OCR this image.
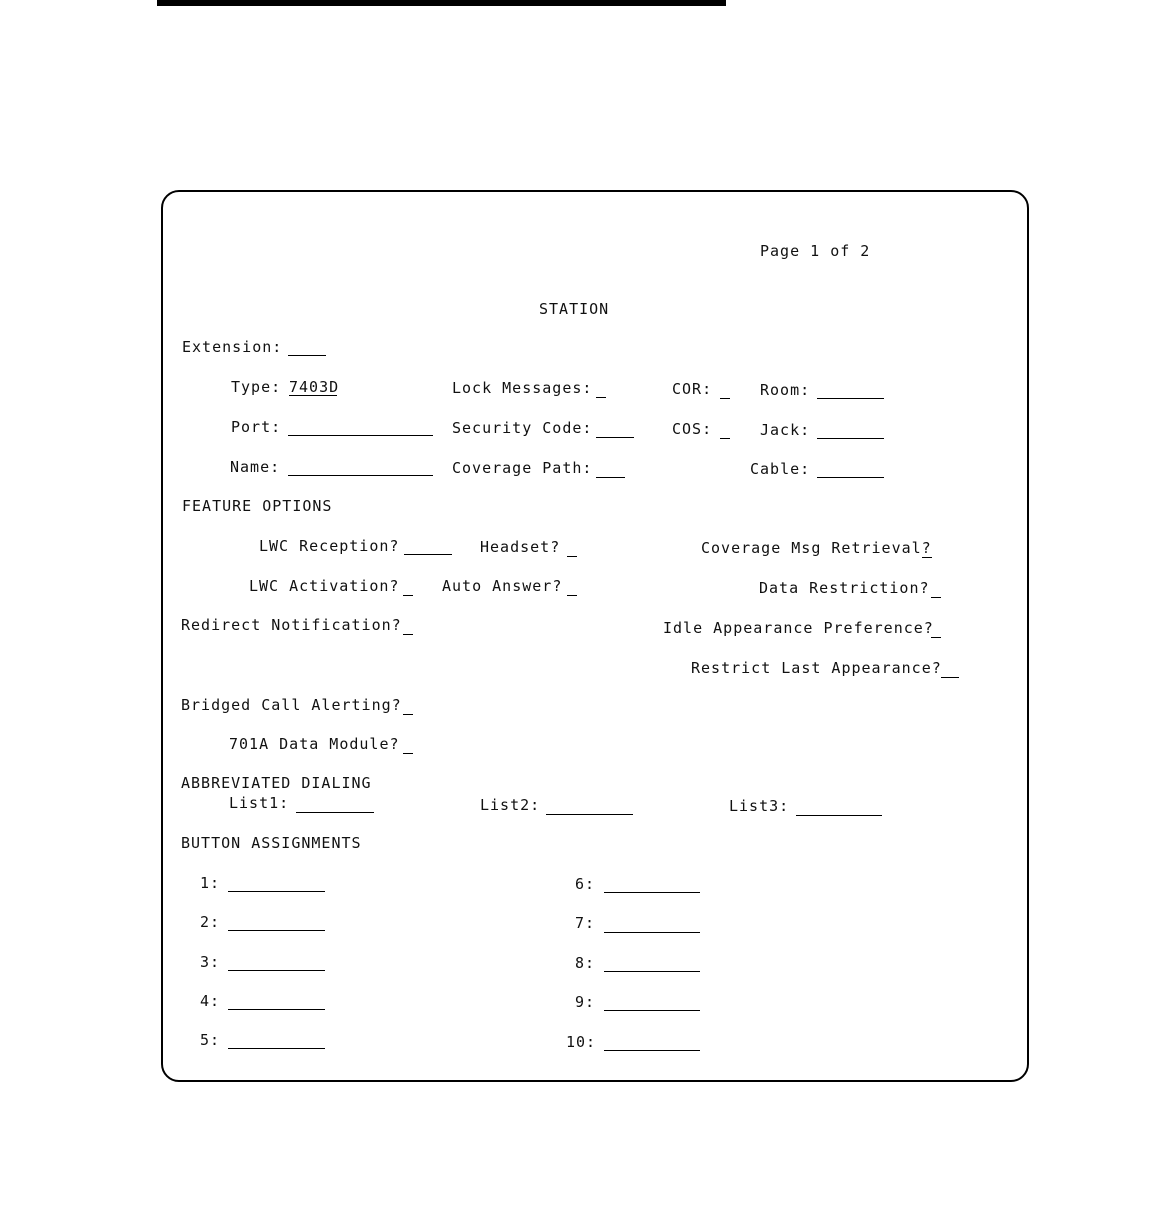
Page 1 of 2
STATION
Extension:
Type: 7403D	Lock Messages:	COR:	Room:
Port:	Security Code:	COS:	Jack:
Name:	Coverage Path:	Cable:
FEATURE OPTIONS
LWC Reception?	Headset?	Coverage Msg Retrieval?
LWC Activation?	Auto Answer?	Data Restriction?
Redirect Notification?	Idle Appearance Preference?
Restrict Last Appearance?
Bridged Call Alerting?
701A Data Module?
ABBREVIATED DIALING
List1:	List2:	List3:
BUTTON ASSIGNMENTS
1:
2:
3:
4:
5:
6:
7:
8:
9:
10:
